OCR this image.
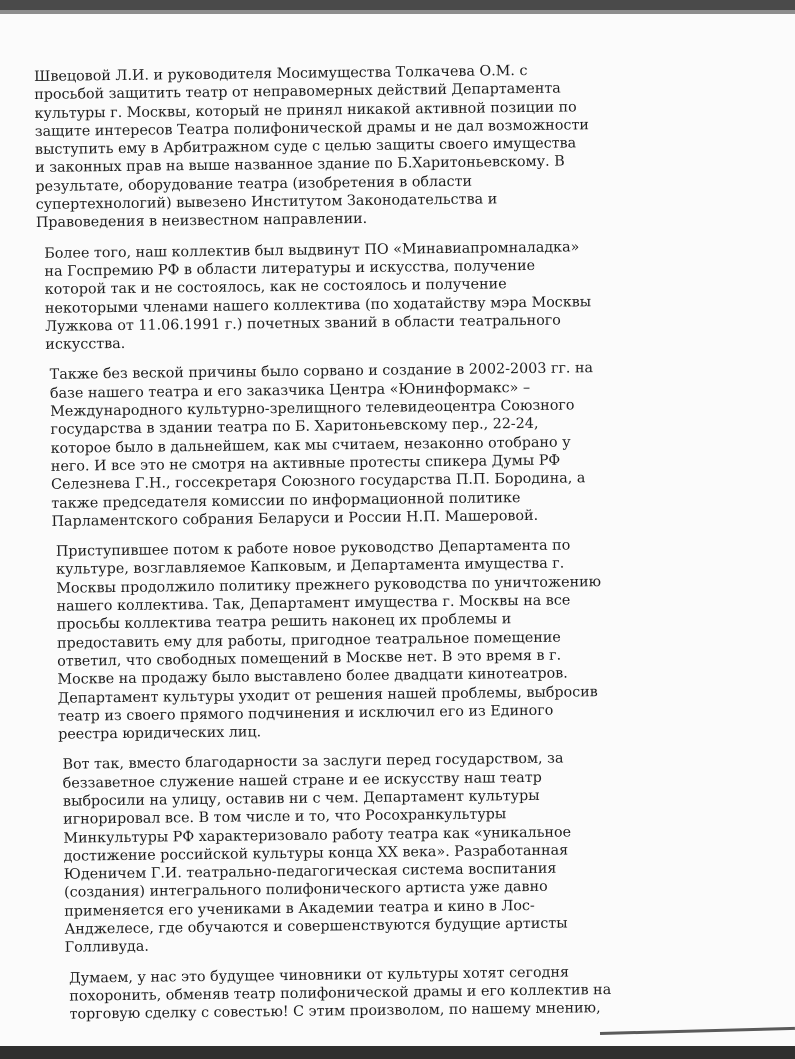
Швецовой Л.И. и руководителя Мосимущества Толкачева О.М. с
просьбой защитить театр от неправомерных действий Департамента
культуры г. Москвы, который не принял никакой активной позиции по
защите интересов Театра полифонической драмы и не дал возможности
выступить ему в Арбитражном суде с целью защиты своего имущества
и законных прав на выше названное здание по Б.Харитоньевскому. В
результате, оборудование театра (изобретения в области
супертехнологий) вывезено Институтом Законодательства и
Правоведения в неизвестном направлении.

Более того, наш коллектив был выдвинут ПО «Минавиапромналадка»
на Госпремию РФ в области литературы и искусства, получение
которой так и не состоялось, как не состоялось и получение
некоторыми членами нашего коллектива (по ходатайству мэра Москвы
Лужкова от 11.06.1991 г.) почетных званий в области театрального
искусства.

Также без веской причины было сорвано и создание в 2002-2003 гг. на
базе нашего театра и его заказчика Центра «Юнинформакс» –
Международного культурно-зрелищного телевидеоцентра Союзного
государства в здании театра по Б. Харитоньевскому пер., 22-24,
которое было в дальнейшем, как мы считаем, незаконно отобрано у
него. И все это не смотря на активные протесты спикера Думы РФ
Селезнева Г.Н., госсекретаря Союзного государства П.П. Бородина, а
также председателя комиссии по информационной политике
Парламентского собрания Беларуси и России Н.П. Машеровой.

Приступившее потом к работе новое руководство Департамента по
культуре, возглавляемое Капковым, и Департамента имущества г.
Москвы продолжило политику прежнего руководства по уничтожению
нашего коллектива. Так, Департамент имущества г. Москвы на все
просьбы коллектива театра решить наконец их проблемы и
предоставить ему для работы, пригодное театральное помещение
ответил, что свободных помещений в Москве нет. В это время в г.
Москве на продажу было выставлено более двадцати кинотеатров.
Департамент культуры уходит от решения нашей проблемы, выбросив
театр из своего прямого подчинения и исключил его из Единого
реестра юридических лиц.

Вот так, вместо благодарности за заслуги перед государством, за
беззаветное служение нашей стране и ее искусству наш театр
выбросили на улицу, оставив ни с чем. Департамент культуры
игнорировал все. В том числе и то, что Росохранкультуры
Минкультуры РФ характеризовало работу театра как «уникальное
достижение российской культуры конца XX века». Разработанная
Юденичем Г.И. театрально-педагогическая система воспитания
(создания) интегрального полифонического артиста уже давно
применяется его учениками в Академии театра и кино в Лос-
Анджелесе, где обучаются и совершенствуются будущие артисты
Голливуда.

Думаем, у нас это будущее чиновники от культуры хотят сегодня
похоронить, обменяв театр полифонической драмы и его коллектив на
торговую сделку с совестью! С этим произволом, по нашему мнению,
